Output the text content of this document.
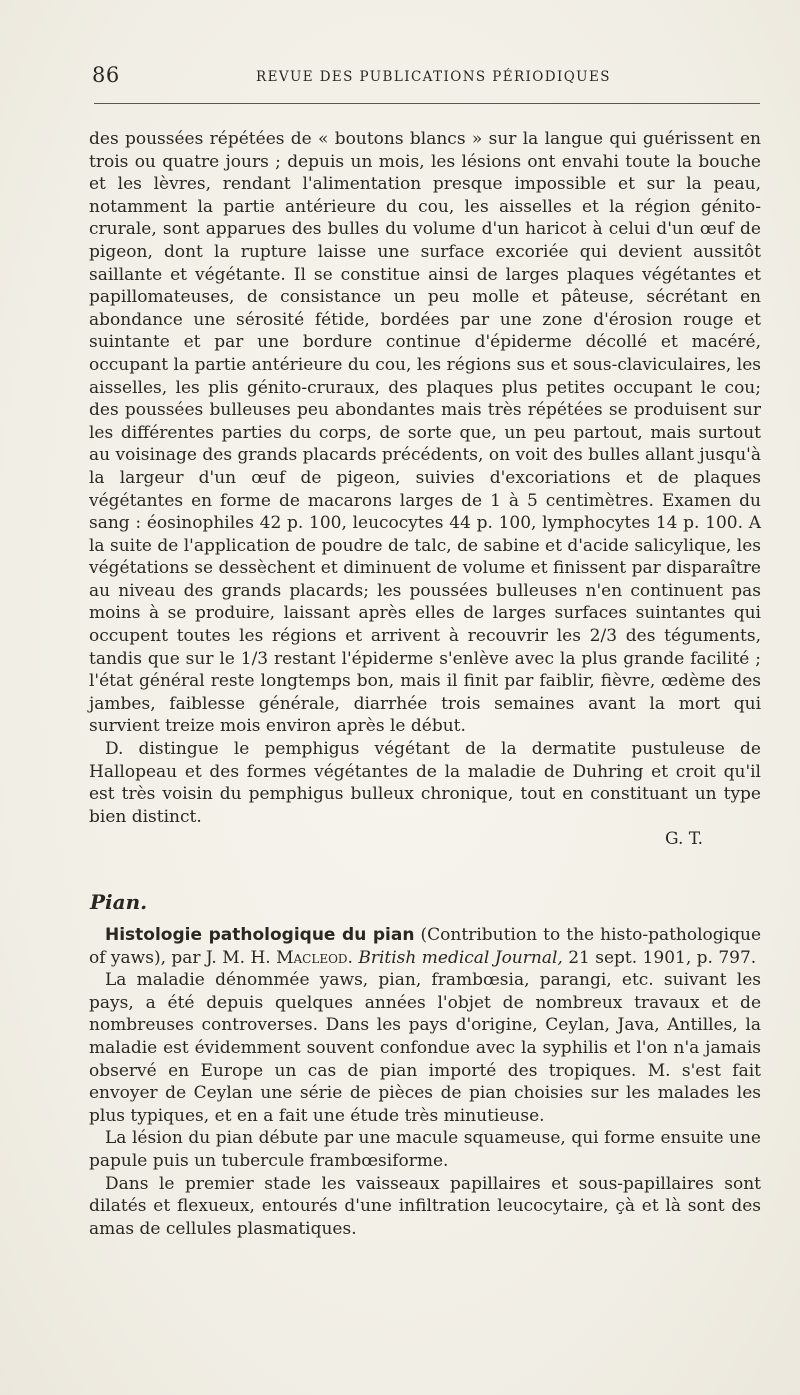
86	REVUE DES PUBLICATIONS PÉRIODIQUES

des poussées répétées de « boutons blancs » sur la langue qui guérissent en trois ou quatre jours ; depuis un mois, les lésions ont envahi toute la bouche et les lèvres, rendant l'alimentation presque impossible et sur la peau, notamment la partie antérieure du cou, les aisselles et la région génito-crurale, sont apparues des bulles du volume d'un haricot à celui d'un œuf de pigeon, dont la rupture laisse une surface excoriée qui devient aussitôt saillante et végétante. Il se constitue ainsi de larges plaques végétantes et papillomateuses, de consistance un peu molle et pâteuse, sécrétant en abondance une sérosité fétide, bordées par une zone d'érosion rouge et suintante et par une bordure continue d'épiderme décollé et macéré, occupant la partie antérieure du cou, les régions sus et sous-claviculaires, les aisselles, les plis génito-cruraux, des plaques plus petites occupant le cou; des poussées bulleuses peu abondantes mais très répétées se produisent sur les différentes parties du corps, de sorte que, un peu partout, mais surtout au voisinage des grands placards précédents, on voit des bulles allant jusqu'à la largeur d'un œuf de pigeon, suivies d'excoriations et de plaques végétantes en forme de macarons larges de 1 à 5 centimètres. Examen du sang : éosinophiles 42 p. 100, leucocytes 44 p. 100, lymphocytes 14 p. 100. A la suite de l'application de poudre de talc, de sabine et d'acide salicylique, les végétations se dessèchent et diminuent de volume et finissent par disparaître au niveau des grands placards; les poussées bulleuses n'en continuent pas moins à se produire, laissant après elles de larges surfaces suintantes qui occupent toutes les régions et arrivent à recouvrir les 2/3 des téguments, tandis que sur le 1/3 restant l'épiderme s'enlève avec la plus grande facilité ; l'état général reste longtemps bon, mais il finit par faiblir, fièvre, œdème des jambes, faiblesse générale, diarrhée trois semaines avant la mort qui survient treize mois environ après le début.

D. distingue le pemphigus végétant de la dermatite pustuleuse de Hallopeau et des formes végétantes de la maladie de Duhring et croit qu'il est très voisin du pemphigus bulleux chronique, tout en constituant un type bien distinct.

G. T.

Pian.

Histologie pathologique du pian (Contribution to the histo-pathologique of yaws), par J. M. H. Macleod. British medical Journal, 21 sept. 1901, p. 797.

La maladie dénommée yaws, pian, frambœsia, parangi, etc. suivant les pays, a été depuis quelques années l'objet de nombreux travaux et de nombreuses controverses. Dans les pays d'origine, Ceylan, Java, Antilles, la maladie est évidemment souvent confondue avec la syphilis et l'on n'a jamais observé en Europe un cas de pian importé des tropiques. M. s'est fait envoyer de Ceylan une série de pièces de pian choisies sur les malades les plus typiques, et en a fait une étude très minutieuse.

La lésion du pian débute par une macule squameuse, qui forme ensuite une papule puis un tubercule frambœsiforme.

Dans le premier stade les vaisseaux papillaires et sous-papillaires sont dilatés et flexueux, entourés d'une infiltration leucocytaire, çà et là sont des amas de cellules plasmatiques.
